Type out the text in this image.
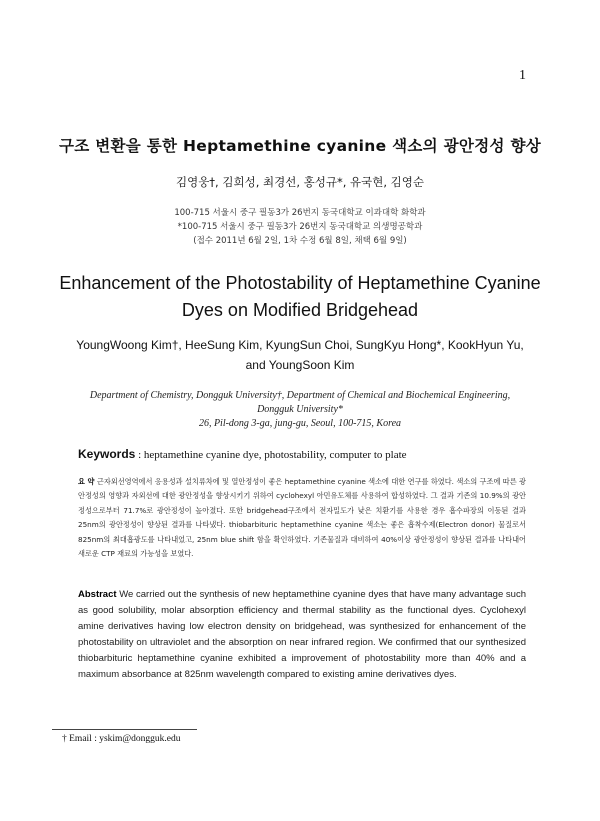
1
구조 변환을 통한 Heptamethine cyanine 색소의 광안정성 향상
김영웅†, 김희성, 최경선, 홍성규*, 유국현, 김영순
100-715 서울시 중구 필동3가 26번지 동국대학교 이과대학 화학과
*100-715 서울시 중구 필동3가 26번지 동국대학교 의생명공학과
(접수 2011년 6월 2일, 1차 수정 6월 8일, 채택 6월 9일)
Enhancement of the Photostability of Heptamethine Cyanine
Dyes on Modified Bridgehead
YoungWoong Kim†, HeeSung Kim, KyungSun Choi, SungKyu Hong*, KookHyun Yu,
and YoungSoon Kim
Department of Chemistry, Dongguk University†, Department of Chemical and Biochemical Engineering,
Dongguk University*
26, Pil-dong 3-ga, jung-gu, Seoul, 100-715, Korea
Keywords : heptamethine cyanine dye, photostability, computer to plate
요 약 근자외선영역에서 응용성과 설치류차에 및 열안정성이 좋은 heptamethine cyanine 색소에 대한 연구를 하였다. 색소의 구조에 따른 광안정성의 영향과 자외선에 대한 광안정성을 향상시키기 위하여 cyclohexyl 아민유도체를 사용하여 합성하였다. 그 결과 기존의 10.9%의 광안정성으로부터 71.7%로 광안정성이 높아졌다. 또한 bridgehead구조에서 전자밀도가 낮은 치환기를 사용한 경우 흡수파장의 이동된 결과 25nm의 광안정성이 향상된 결과를 나타냈다. thiobarbituric heptamethine cyanine 색소는 좋은 흡착수제(Electron donor) 물질로서 825nm의 최대흡광도를 나타내었고, 25nm blue shift 함을 확인하였다. 기존물질과 대비하여 40%이상 광안정성이 향상된 결과를 나타내어 새로운 CTP 재료의 가능성을 보였다.
Abstract We carried out the synthesis of new heptamethine cyanine dyes that have many advantage such as good solubility, molar absorption efficiency and thermal stability as the functional dyes. Cyclohexyl amine derivatives having low electron density on bridgehead, was synthesized for enhancement of the photostability on ultraviolet and the absorption on near infrared region. We confirmed that our synthesized thiobarbituric heptamethine cyanine exhibited a improvement of photostability more than 40% and a maximum absorbance at 825nm wavelength compared to existing amine derivatives dyes.
† Email : yskim@dongguk.edu
